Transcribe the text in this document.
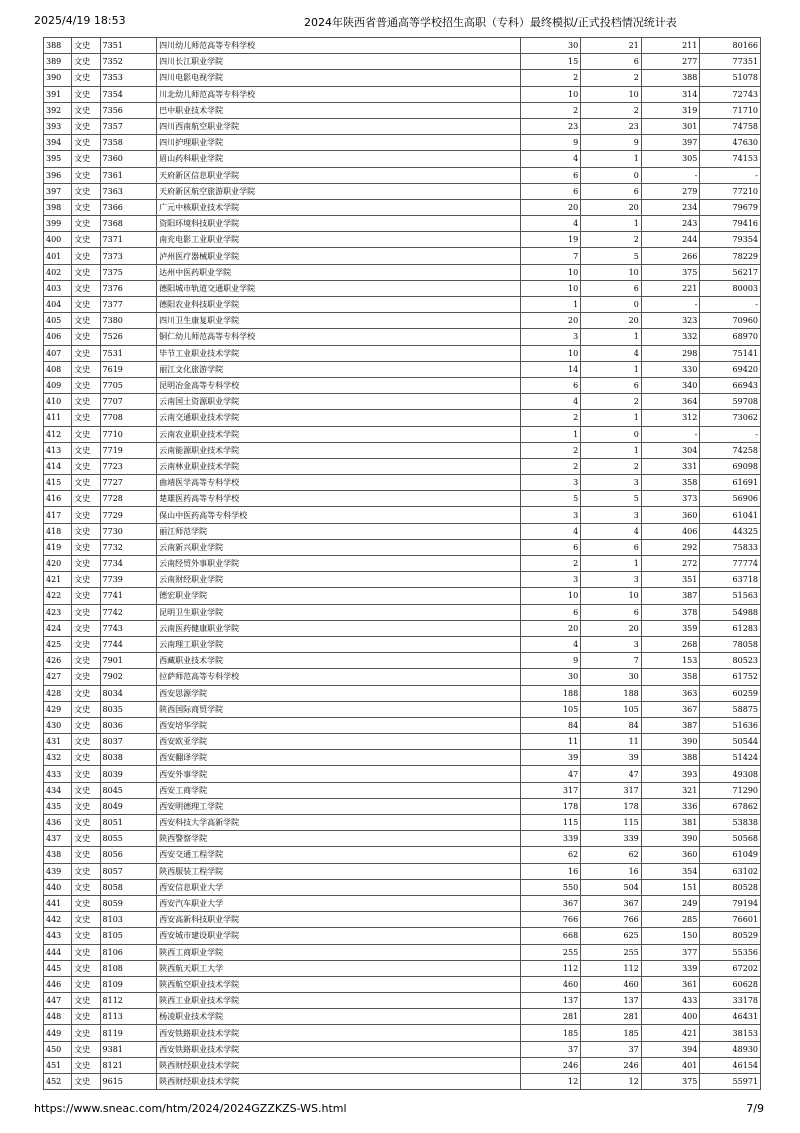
2025/4/19 18:53	2024年陕西省普通高等学校招生高职（专科）最终模拟/正式投档情况统计表
388	文史	7351	四川幼儿师范高等专科学校	30	21	211	80166
389	文史	7352	四川长江职业学院	15	6	277	77351
390	文史	7353	四川电影电视学院	2	2	388	51078
391	文史	7354	川北幼儿师范高等专科学校	10	10	314	72743
392	文史	7356	巴中职业技术学院	2	2	319	71710
393	文史	7357	四川西南航空职业学院	23	23	301	74758
394	文史	7358	四川护理职业学院	9	9	397	47630
395	文史	7360	眉山药科职业学院	4	1	305	74153
396	文史	7361	天府新区信息职业学院	6	0	-	-
397	文史	7363	天府新区航空旅游职业学院	6	6	279	77210
398	文史	7366	广元中核职业技术学院	20	20	234	79679
399	文史	7368	资阳环境科技职业学院	4	1	243	79416
400	文史	7371	南充电影工业职业学院	19	2	244	79354
401	文史	7373	泸州医疗器械职业学院	7	5	266	78229
402	文史	7375	达州中医药职业学院	10	10	375	56217
403	文史	7376	德阳城市轨道交通职业学院	10	6	221	80003
404	文史	7377	德阳农业科技职业学院	1	0	-	-
405	文史	7380	四川卫生康复职业学院	20	20	323	70960
406	文史	7526	铜仁幼儿师范高等专科学校	3	1	332	68970
407	文史	7531	毕节工业职业技术学院	10	4	298	75141
408	文史	7619	丽江文化旅游学院	14	1	330	69420
409	文史	7705	昆明冶金高等专科学校	6	6	340	66943
410	文史	7707	云南国土资源职业学院	4	2	364	59708
411	文史	7708	云南交通职业技术学院	2	1	312	73062
412	文史	7710	云南农业职业技术学院	1	0	-	-
413	文史	7719	云南能源职业技术学院	2	1	304	74258
414	文史	7723	云南林业职业技术学院	2	2	331	69098
415	文史	7727	曲靖医学高等专科学校	3	3	358	61691
416	文史	7728	楚雄医药高等专科学校	5	5	373	56906
417	文史	7729	保山中医药高等专科学校	3	3	360	61041
418	文史	7730	丽江师范学院	4	4	406	44325
419	文史	7732	云南新兴职业学院	6	6	292	75833
420	文史	7734	云南经贸外事职业学院	2	1	272	77774
421	文史	7739	云南财经职业学院	3	3	351	63718
422	文史	7741	德宏职业学院	10	10	387	51563
423	文史	7742	昆明卫生职业学院	6	6	378	54988
424	文史	7743	云南医药健康职业学院	20	20	359	61283
425	文史	7744	云南理工职业学院	4	3	268	78058
426	文史	7901	西藏职业技术学院	9	7	153	80523
427	文史	7902	拉萨师范高等专科学校	30	30	358	61752
428	文史	8034	西安思源学院	188	188	363	60259
429	文史	8035	陕西国际商贸学院	105	105	367	58875
430	文史	8036	西安培华学院	84	84	387	51636
431	文史	8037	西安欧亚学院	11	11	390	50544
432	文史	8038	西安翻译学院	39	39	388	51424
433	文史	8039	西安外事学院	47	47	393	49308
434	文史	8045	西安工商学院	317	317	321	71290
435	文史	8049	西安明德理工学院	178	178	336	67862
436	文史	8051	西安科技大学高新学院	115	115	381	53838
437	文史	8055	陕西警察学院	339	339	390	50568
438	文史	8056	西安交通工程学院	62	62	360	61049
439	文史	8057	陕西服装工程学院	16	16	354	63102
440	文史	8058	西安信息职业大学	550	504	151	80528
441	文史	8059	西安汽车职业大学	367	367	249	79194
442	文史	8103	西安高新科技职业学院	766	766	285	76601
443	文史	8105	西安城市建设职业学院	668	625	150	80529
444	文史	8106	陕西工商职业学院	255	255	377	55356
445	文史	8108	陕西航天职工大学	112	112	339	67202
446	文史	8109	陕西航空职业技术学院	460	460	361	60628
447	文史	8112	陕西工业职业技术学院	137	137	433	33178
448	文史	8113	杨凌职业技术学院	281	281	400	46431
449	文史	8119	西安铁路职业技术学院	185	185	421	38153
450	文史	9381	西安铁路职业技术学院	37	37	394	48930
451	文史	8121	陕西财经职业技术学院	246	246	401	46154
452	文史	9615	陕西财经职业技术学院	12	12	375	55971
https://www.sneac.com/htm/2024/2024GZZKZS-WS.html	7/9
